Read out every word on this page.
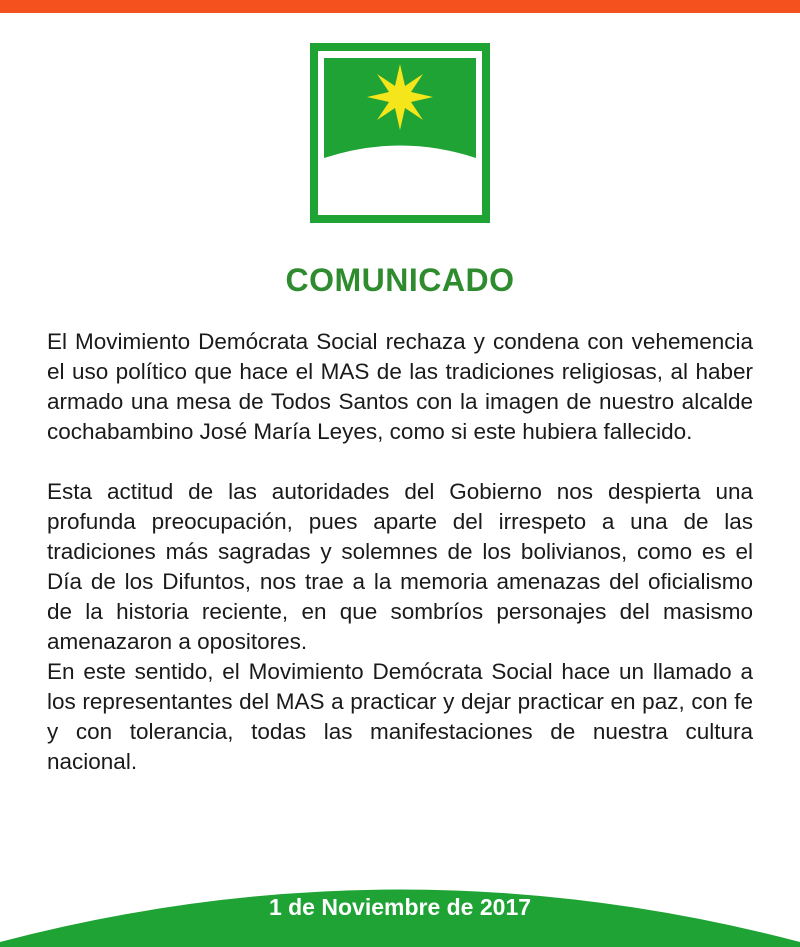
COMUNICADO

El Movimiento Demócrata Social rechaza y condena con vehemencia el uso político que hace el MAS de las tradiciones religiosas, al haber armado una mesa de Todos Santos con la imagen de nuestro alcalde cochabambino José María Leyes, como si este hubiera fallecido.

Esta actitud de las autoridades del Gobierno nos despierta una profunda preocupación, pues aparte del irrespeto a una de las tradiciones más sagradas y solemnes de los bolivianos, como es el Día de los Difuntos, nos trae a la memoria amenazas del oficialismo de la historia reciente, en que sombríos personajes del masismo amenazaron a opositores.

En este sentido, el Movimiento Demócrata Social hace un llamado a los representantes del MAS a practicar y dejar practicar en paz, con fe y con tolerancia, todas las manifestaciones de nuestra cultura nacional.

1 de Noviembre de 2017
